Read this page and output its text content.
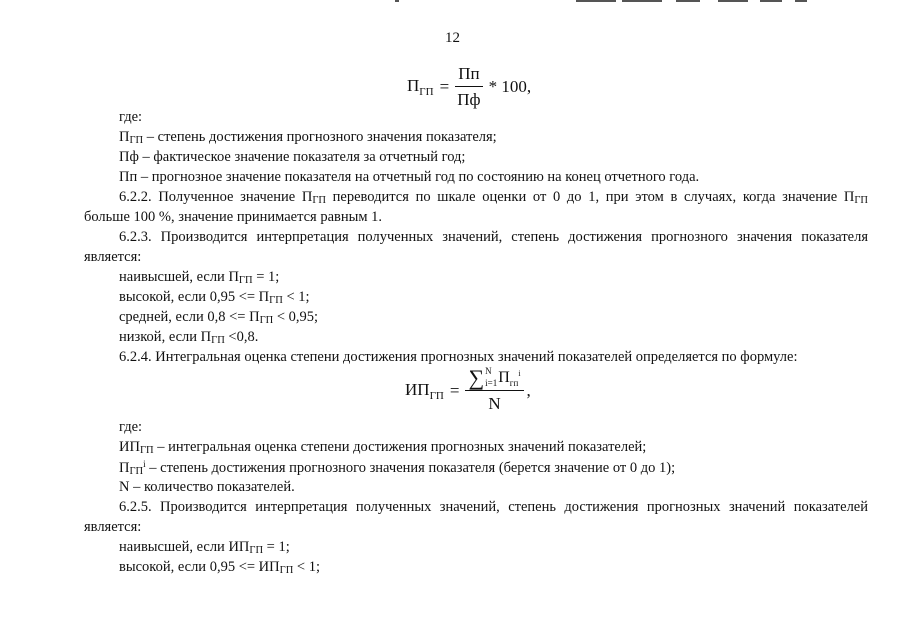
12
$П_{ГП} = \frac{Пп}{Пф} * 100$,
где:
ПГП – степень достижения прогнозного значения показателя;
Пф – фактическое значение показателя за отчетный год;
Пп – прогнозное значение показателя на отчетный год по состоянию на конец отчетного года.
6.2.2. Полученное значение ПГП переводится по шкале оценки от 0 до 1, при этом в случаях, когда значение ПГП
больше 100 %, значение принимается равным 1.
6.2.3. Производится интерпретация полученных значений, степень достижения прогнозного значения показателя
является:
наивысшей, если ПГП = 1;
высокой, если 0,95 <= ПГП < 1;
средней, если 0,8 <= ПГП < 0,95;
низкой, если ПГП <0,8.
6.2.4. Интегральная оценка степени достижения прогнозных значений показателей определяется по формуле:
$ИП_{ГП}$ = ∑ N
i=1 $П_{гп}^i$
N ,
где:
ИПГП – интегральная оценка степени достижения прогнозных значений показателей;
ПГП$^i$ – степень достижения прогнозного значения показателя (берется значение от 0 до 1);
N – количество показателей.
6.2.5. Производится интерпретация полученных значений, степень достижения прогнозных значений показателей
является:
наивысшей, если ИПГП = 1;
высокой, если 0,95 <= ИПГП < 1;
